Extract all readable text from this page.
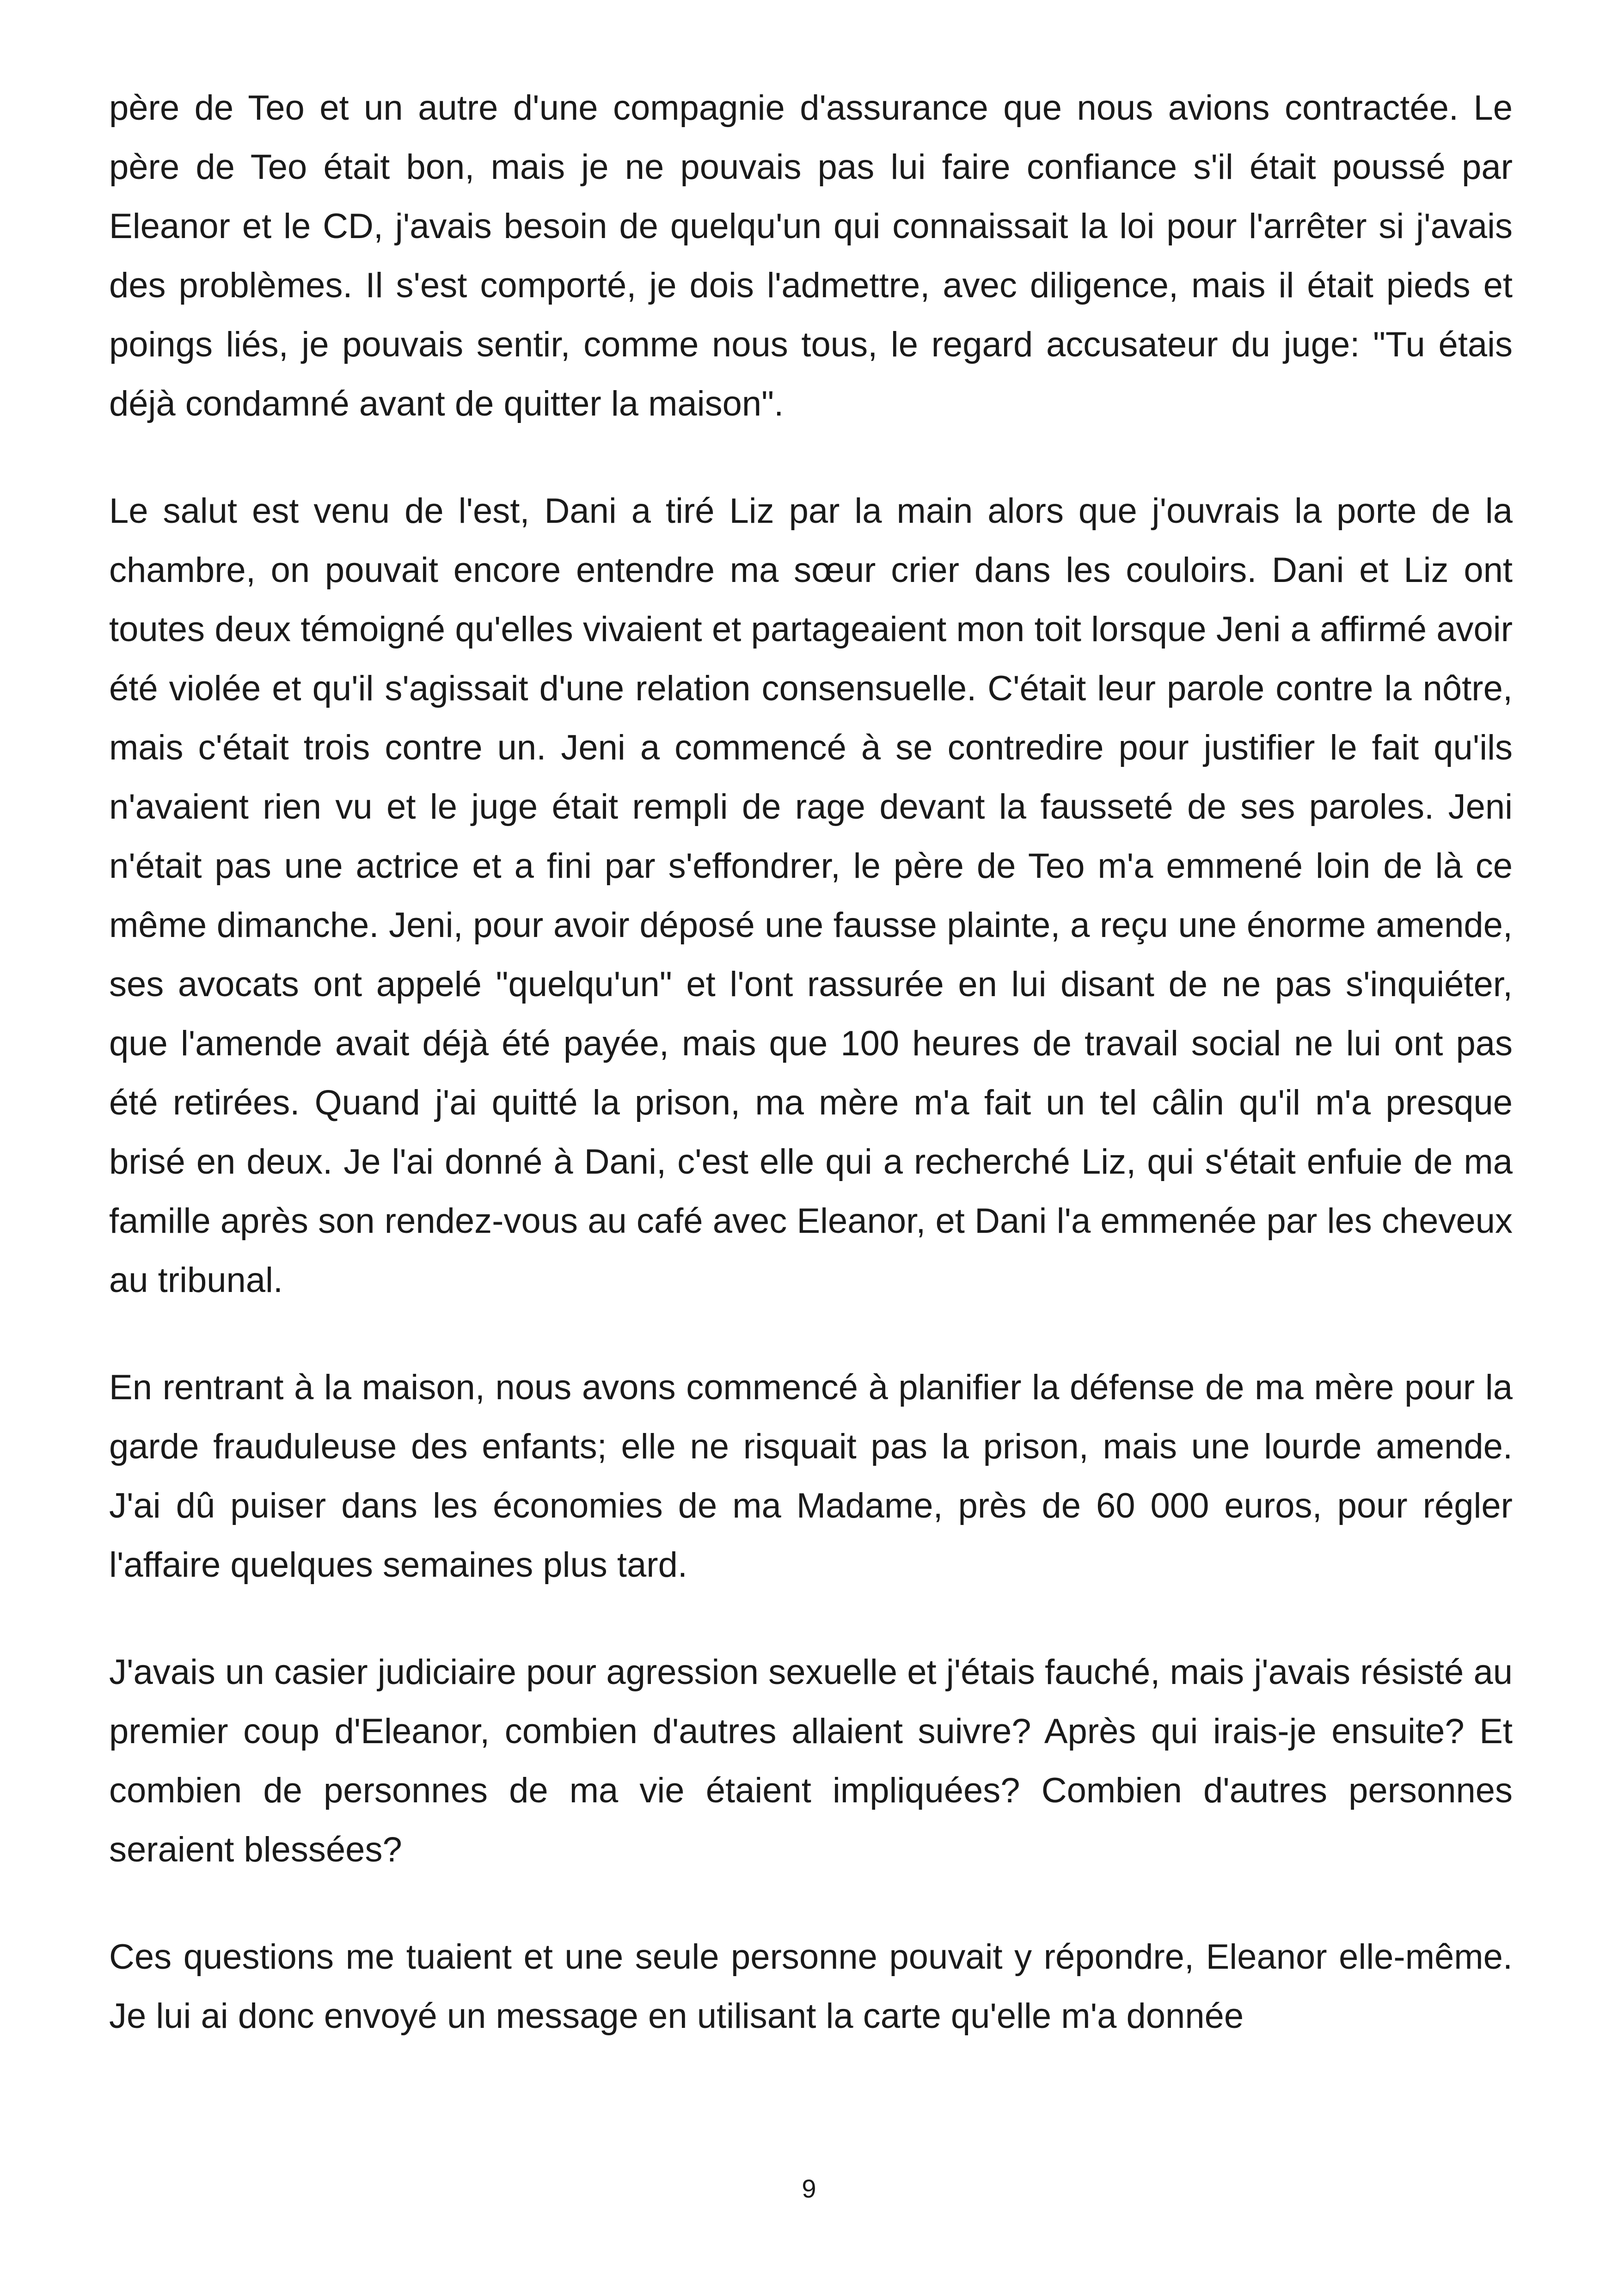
père de Teo et un autre d'une compagnie d'assurance que nous avions contractée. Le père de Teo était bon, mais je ne pouvais pas lui faire confiance s'il était poussé par Eleanor et le CD, j'avais besoin de quelqu'un qui connaissait la loi pour l'arrêter si j'avais des problèmes. Il s'est comporté, je dois l'admettre, avec diligence, mais il était pieds et poings liés, je pouvais sentir, comme nous tous, le regard accusateur du juge: "Tu étais déjà condamné avant de quitter la maison".

Le salut est venu de l'est, Dani a tiré Liz par la main alors que j'ouvrais la porte de la chambre, on pouvait encore entendre ma sœur crier dans les couloirs. Dani et Liz ont toutes deux témoigné qu'elles vivaient et partageaient mon toit lorsque Jeni a affirmé avoir été violée et qu'il s'agissait d'une relation consensuelle. C'était leur parole contre la nôtre, mais c'était trois contre un. Jeni a commencé à se contredire pour justifier le fait qu'ils n'avaient rien vu et le juge était rempli de rage devant la fausseté de ses paroles. Jeni n'était pas une actrice et a fini par s'effondrer, le père de Teo m'a emmené loin de là ce même dimanche. Jeni, pour avoir déposé une fausse plainte, a reçu une énorme amende, ses avocats ont appelé "quelqu'un" et l'ont rassurée en lui disant de ne pas s'inquiéter, que l'amende avait déjà été payée, mais que 100 heures de travail social ne lui ont pas été retirées. Quand j'ai quitté la prison, ma mère m'a fait un tel câlin qu'il m'a presque brisé en deux. Je l'ai donné à Dani, c'est elle qui a recherché Liz, qui s'était enfuie de ma famille après son rendez-vous au café avec Eleanor, et Dani l'a emmenée par les cheveux au tribunal.

En rentrant à la maison, nous avons commencé à planifier la défense de ma mère pour la garde frauduleuse des enfants; elle ne risquait pas la prison, mais une lourde amende. J'ai dû puiser dans les économies de ma Madame, près de 60 000 euros, pour régler l'affaire quelques semaines plus tard.

J'avais un casier judiciaire pour agression sexuelle et j'étais fauché, mais j'avais résisté au premier coup d'Eleanor, combien d'autres allaient suivre? Après qui irais-je ensuite? Et combien de personnes de ma vie étaient impliquées? Combien d'autres personnes seraient blessées?

Ces questions me tuaient et une seule personne pouvait y répondre, Eleanor elle-même. Je lui ai donc envoyé un message en utilisant la carte qu'elle m'a donnée

9
